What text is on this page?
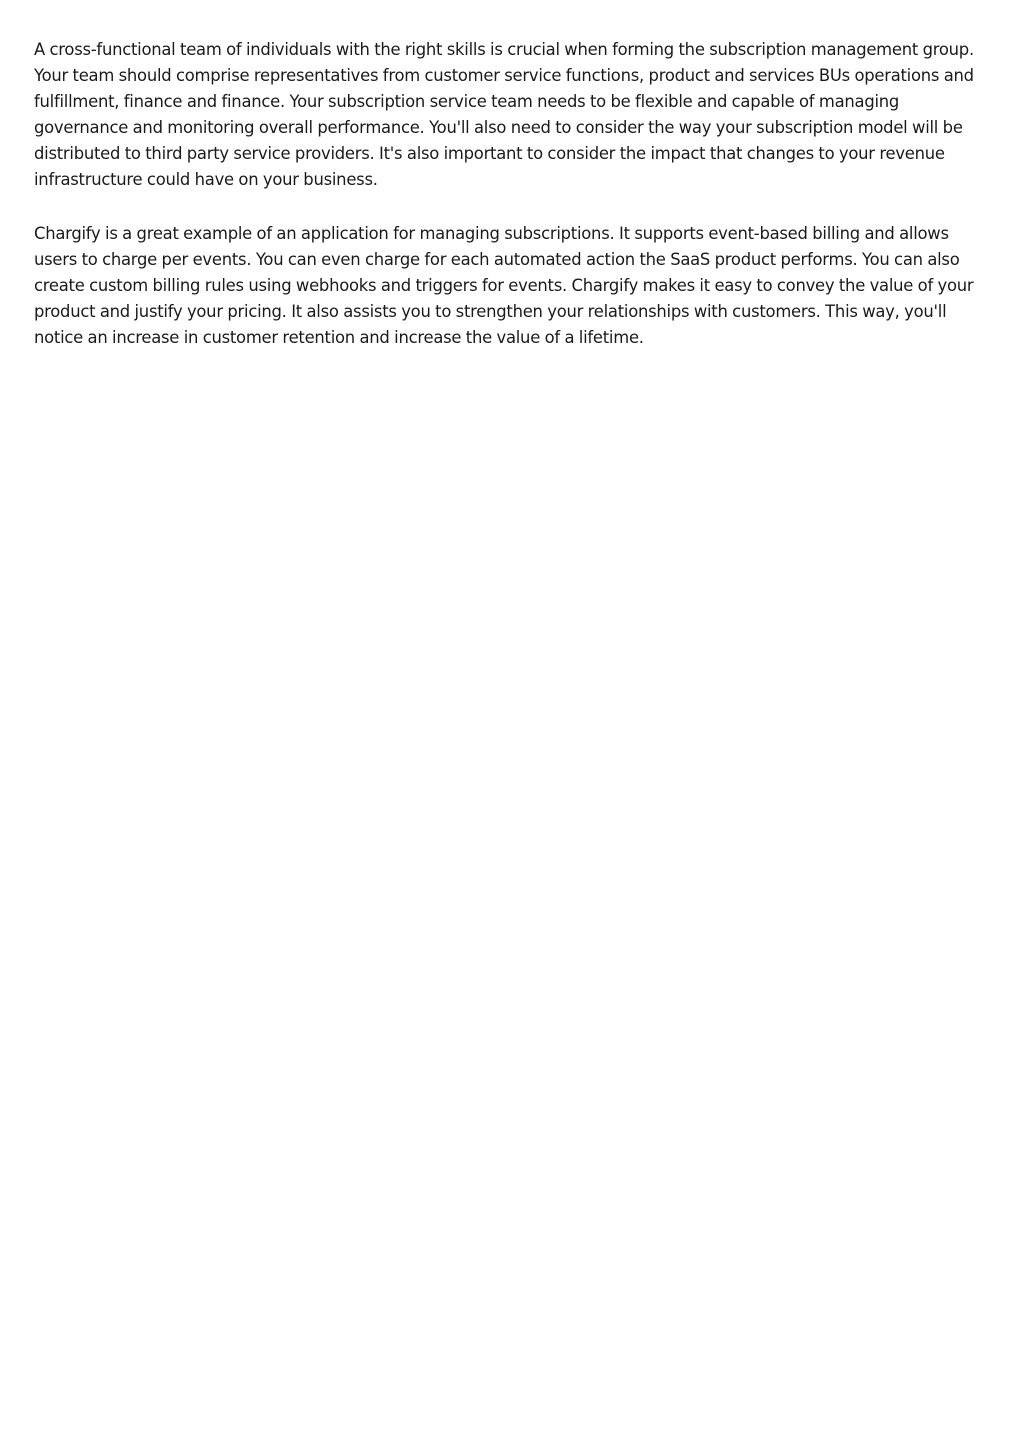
A cross-functional team of individuals with the right skills is crucial when forming the subscription management group. Your team should comprise representatives from customer service functions, product and services BUs operations and fulfillment, finance and finance. Your subscription service team needs to be flexible and capable of managing governance and monitoring overall performance. You'll also need to consider the way your subscription model will be distributed to third party service providers. It's also important to consider the impact that changes to your revenue infrastructure could have on your business.

Chargify is a great example of an application for managing subscriptions. It supports event-based billing and allows users to charge per events. You can even charge for each automated action the SaaS product performs. You can also create custom billing rules using webhooks and triggers for events. Chargify makes it easy to convey the value of your product and justify your pricing. It also assists you to strengthen your relationships with customers. This way, you'll notice an increase in customer retention and increase the value of a lifetime.
